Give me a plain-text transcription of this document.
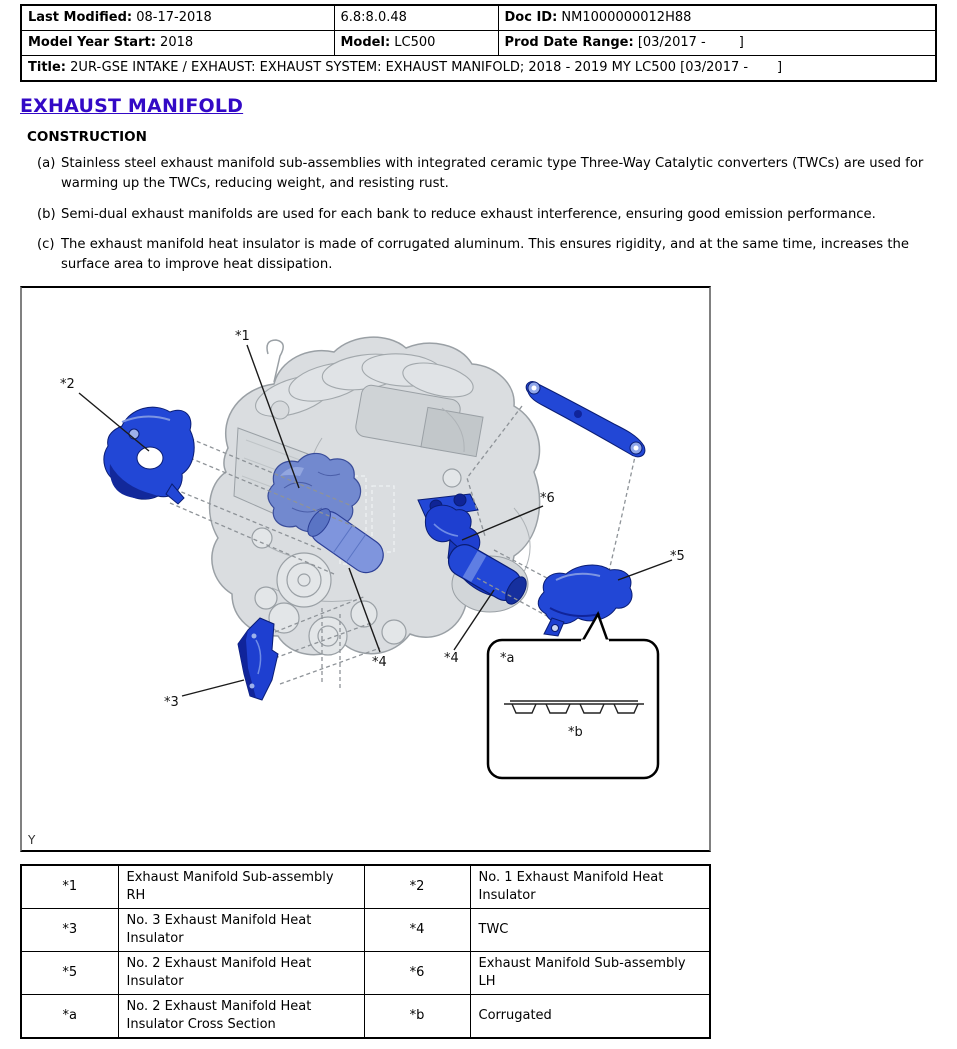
Last Modified: 08-17-2018	6.8:8.0.48	Doc ID: NM1000000012H88
Model Year Start: 2018	Model: LC500	Prod Date Range: [03/2017 -        ]
Title: 2UR-GSE INTAKE / EXHAUST: EXHAUST SYSTEM: EXHAUST MANIFOLD; 2018 - 2019 MY LC500 [03/2017 -       ]		
EXHAUST MANIFOLD
CONSTRUCTION
(a) Stainless steel exhaust manifold sub-assemblies with integrated ceramic type Three-Way Catalytic converters (TWCs) are used for warming up the TWCs, reducing weight, and resisting rust.
(b) Semi-dual exhaust manifolds are used for each bank to reduce exhaust interference, ensuring good emission performance.
(c) The exhaust manifold heat insulator is made of corrugated aluminum. This ensures rigidity, and at the same time, increases the surface area to improve heat dissipation.
*1
*2
*3
*4	*4
*5
*6
*a
*b
Y
*1	Exhaust Manifold Sub-assembly RH	*2	No. 1 Exhaust Manifold Heat Insulator
*3	No. 3 Exhaust Manifold Heat Insulator	*4	TWC
*5	No. 2 Exhaust Manifold Heat Insulator	*6	Exhaust Manifold Sub-assembly LH
*a	No. 2 Exhaust Manifold Heat Insulator Cross Section	*b	Corrugated
